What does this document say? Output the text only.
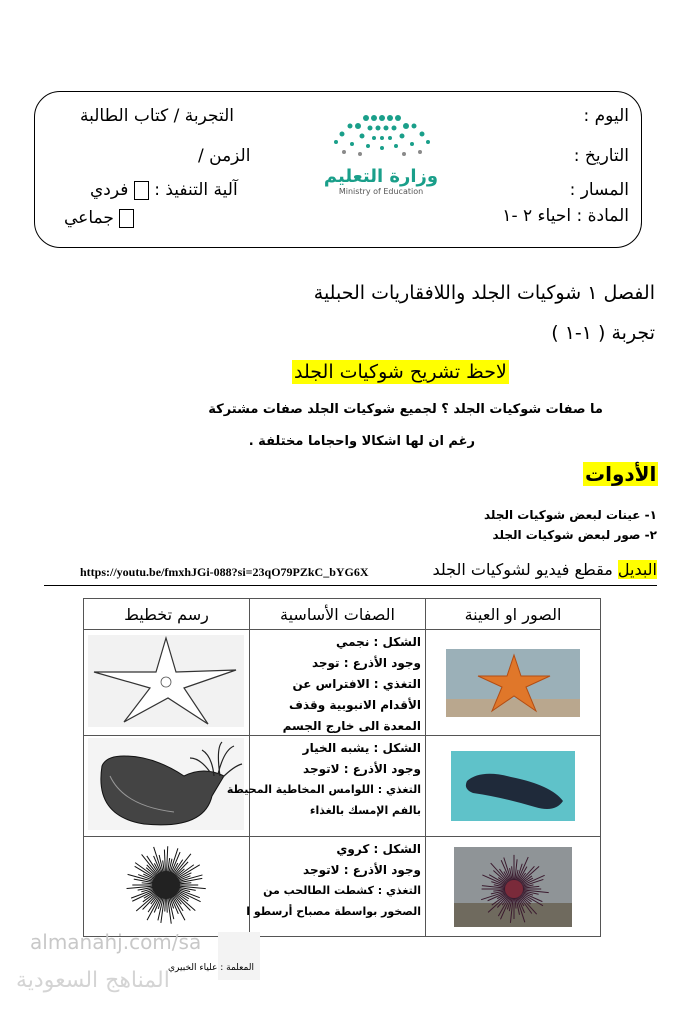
اليوم :
التاريخ :
المسار :
المادة : احياء ٢ -١
التجربة / كتاب الطالبة
الزمن /
آلية التنفيذ :  فردي
جماعي
وزارة التعليم
Ministry of Education
الفصل ١ شوكيات الجلد واللافقاريات الحبلية
تجربة ( ١-١ )
لاحظ تشريح شوكيات الجلد
ما صفات شوكيات الجلد ؟ لجميع شوكيات الجلد صفات مشتركة
رغم ان لها اشكالا واحجاما مختلفة .
الأدوات
١- عينات لبعض شوكيات الجلد
٢- صور لبعض شوكيات الجلد
البديل مقطع فيديو لشوكيات الجلد
https://youtu.be/fmxhJGi-088?si=23qO79PZkC_bYG6X
رسم تخطيط	الصفات الأساسية	الصور او العينة

الشكل : نجمي
وجود الأذرع : توجد
التغذي : الافتراس عن
الأقدام الانبوبية وقذف
المعدة الى خارج الجسم

الشكل : يشبه الخيار
وجود الأذرع : لاتوجد
التغذي : اللوامس المخاطية المحيطة
بالفم الإمسك بالغذاء

الشكل : كروي
وجود الأذرع : لاتوجد
التغذي : كشطت الطالحب من
الصخور بواسطة مصباح أرسطو ا

almanahj.com/sa
المناهج السعودية
المعلمة : علياء الخبيري
